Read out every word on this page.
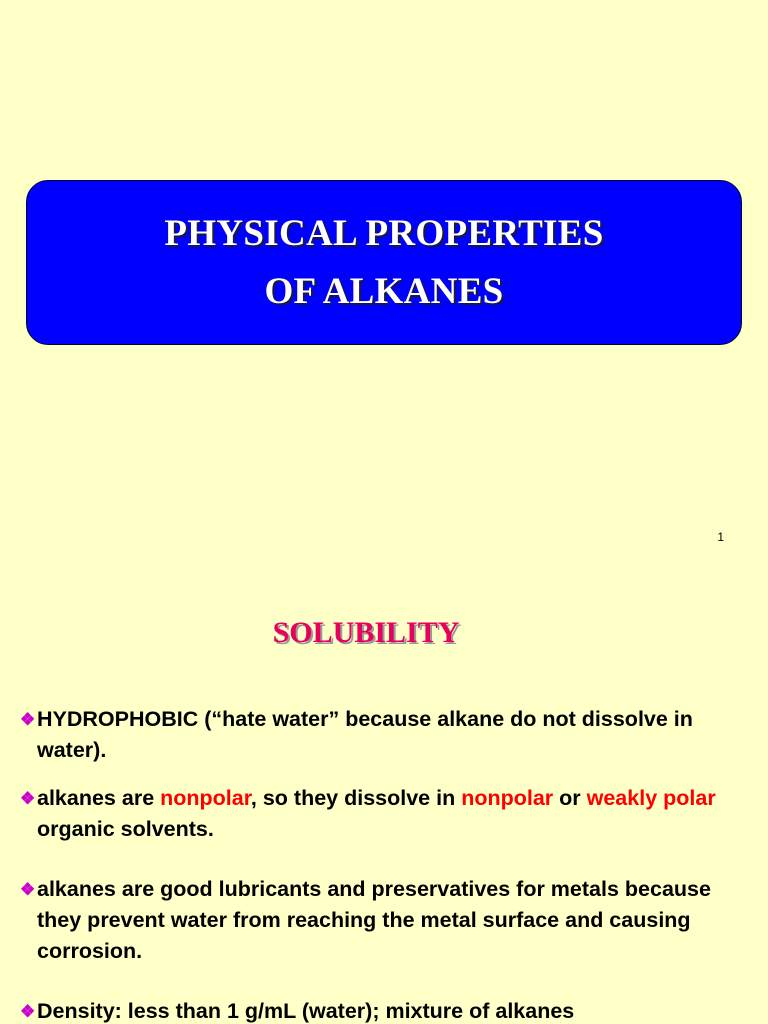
PHYSICAL PROPERTIES
OF ALKANES
1
SOLUBILITY
❖HYDROPHOBIC (“hate water” because alkane do not dissolve in water).
❖alkanes are nonpolar, so they dissolve in nonpolar or weakly polar organic solvents.
❖alkanes are good lubricants and preservatives for metals because they prevent water from reaching the metal surface and causing corrosion.
❖Density: less than 1 g/mL (water); mixture of alkanes
